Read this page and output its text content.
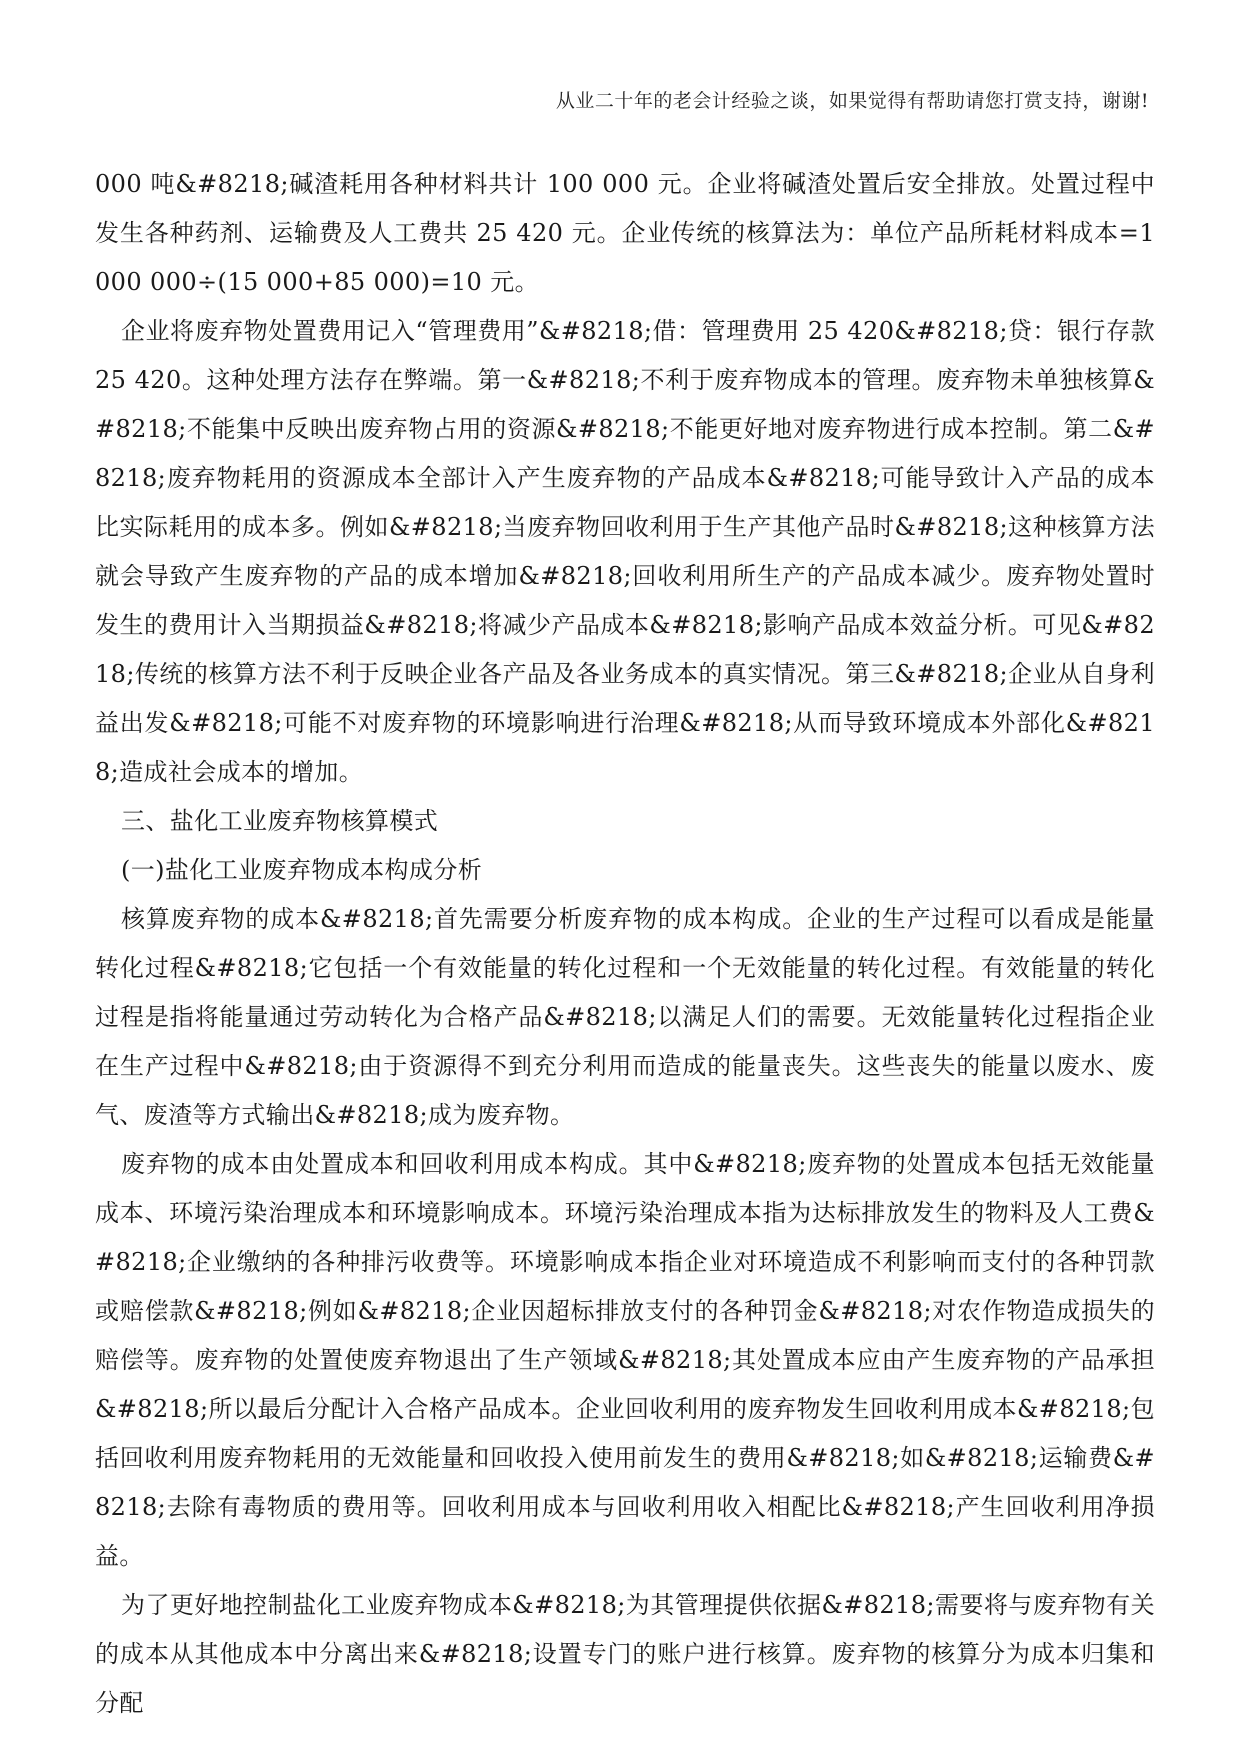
从业二十年的老会计经验之谈，如果觉得有帮助请您打赏支持，谢谢!

000 吨&#8218;碱渣耗用各种材料共计 100 000 元。企业将碱渣处置后安全排放。处置过程中发生各种药剂、运输费及人工费共 25 420 元。企业传统的核算法为：单位产品所耗材料成本=1 000 000÷(15 000+85 000)=10 元。

企业将废弃物处置费用记入“管理费用”&#8218;借：管理费用 25 420&#8218;贷：银行存款 25 420。这种处理方法存在弊端。第一&#8218;不利于废弃物成本的管理。废弃物未单独核算&#8218;不能集中反映出废弃物占用的资源&#8218;不能更好地对废弃物进行成本控制。第二&#8218;废弃物耗用的资源成本全部计入产生废弃物的产品成本&#8218;可能导致计入产品的成本比实际耗用的成本多。例如&#8218;当废弃物回收利用于生产其他产品时&#8218;这种核算方法就会导致产生废弃物的产品的成本增加&#8218;回收利用所生产的产品成本减少。废弃物处置时发生的费用计入当期损益&#8218;将减少产品成本&#8218;影响产品成本效益分析。可见&#8218;传统的核算方法不利于反映企业各产品及各业务成本的真实情况。第三&#8218;企业从自身利益出发&#8218;可能不对废弃物的环境影响进行治理&#8218;从而导致环境成本外部化&#8218;造成社会成本的增加。

三、盐化工业废弃物核算模式

(一)盐化工业废弃物成本构成分析

核算废弃物的成本&#8218;首先需要分析废弃物的成本构成。企业的生产过程可以看成是能量转化过程&#8218;它包括一个有效能量的转化过程和一个无效能量的转化过程。有效能量的转化过程是指将能量通过劳动转化为合格产品&#8218;以满足人们的需要。无效能量转化过程指企业在生产过程中&#8218;由于资源得不到充分利用而造成的能量丧失。这些丧失的能量以废水、废气、废渣等方式输出&#8218;成为废弃物。

废弃物的成本由处置成本和回收利用成本构成。其中&#8218;废弃物的处置成本包括无效能量成本、环境污染治理成本和环境影响成本。环境污染治理成本指为达标排放发生的物料及人工费&#8218;企业缴纳的各种排污收费等。环境影响成本指企业对环境造成不利影响而支付的各种罚款或赔偿款&#8218;例如&#8218;企业因超标排放支付的各种罚金&#8218;对农作物造成损失的赔偿等。废弃物的处置使废弃物退出了生产领域&#8218;其处置成本应由产生废弃物的产品承担&#8218;所以最后分配计入合格产品成本。企业回收利用的废弃物发生回收利用成本&#8218;包括回收利用废弃物耗用的无效能量和回收投入使用前发生的费用&#8218;如&#8218;运输费&#8218;去除有毒物质的费用等。回收利用成本与回收利用收入相配比&#8218;产生回收利用净损益。

为了更好地控制盐化工业废弃物成本&#8218;为其管理提供依据&#8218;需要将与废弃物有关的成本从其他成本中分离出来&#8218;设置专门的账户进行核算。废弃物的核算分为成本归集和分配
